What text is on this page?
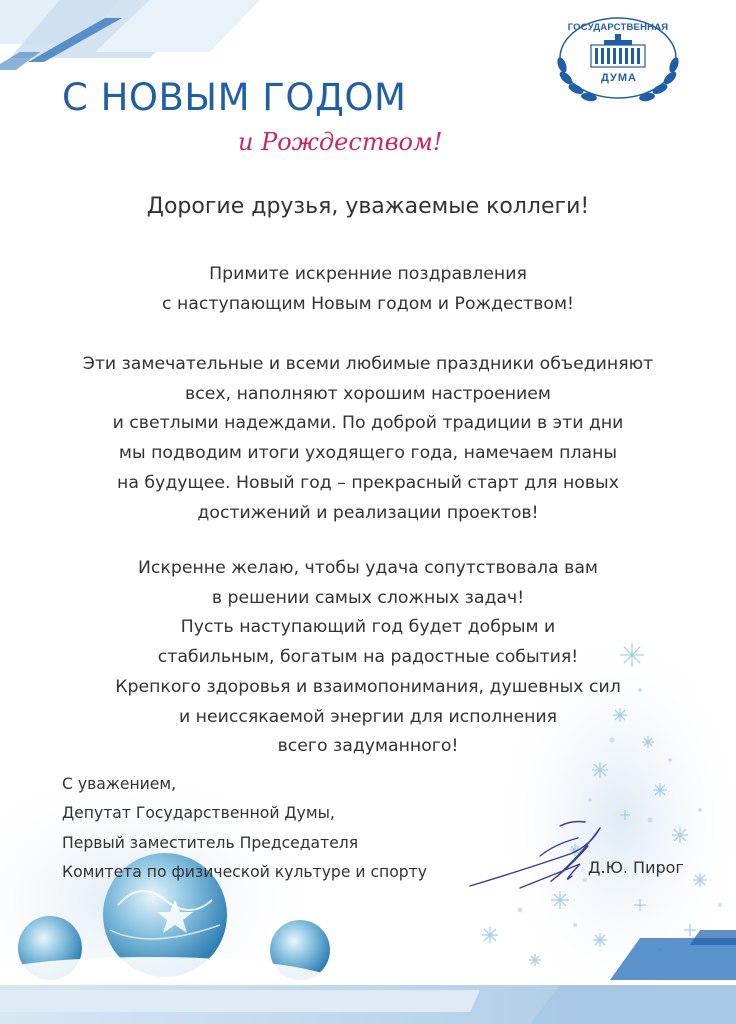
ГОСУДАРСТВЕННАЯ
ДУМА
С НОВЫМ ГОДОМ
и Рождеством!
Дорогие друзья, уважаемые коллеги!
Примите искренние поздравления
с наступающим Новым годом и Рождеством!
Эти замечательные и всеми любимые праздники объединяют
всех, наполняют хорошим настроением
и светлыми надеждами. По доброй традиции в эти дни
мы подводим итоги уходящего года, намечаем планы
на будущее. Новый год – прекрасный старт для новых
достижений и реализации проектов!
Искренне желаю, чтобы удача сопутствовала вам
в решении самых сложных задач!
Пусть наступающий год будет добрым и
стабильным, богатым на радостные события!
Крепкого здоровья и взаимопонимания, душевных сил
и неиссякаемой энергии для исполнения
всего задуманного!
С уважением,
Депутат Государственной Думы,
Первый заместитель Председателя
Комитета по физической культуре и спорту	Д.Ю. Пирог
